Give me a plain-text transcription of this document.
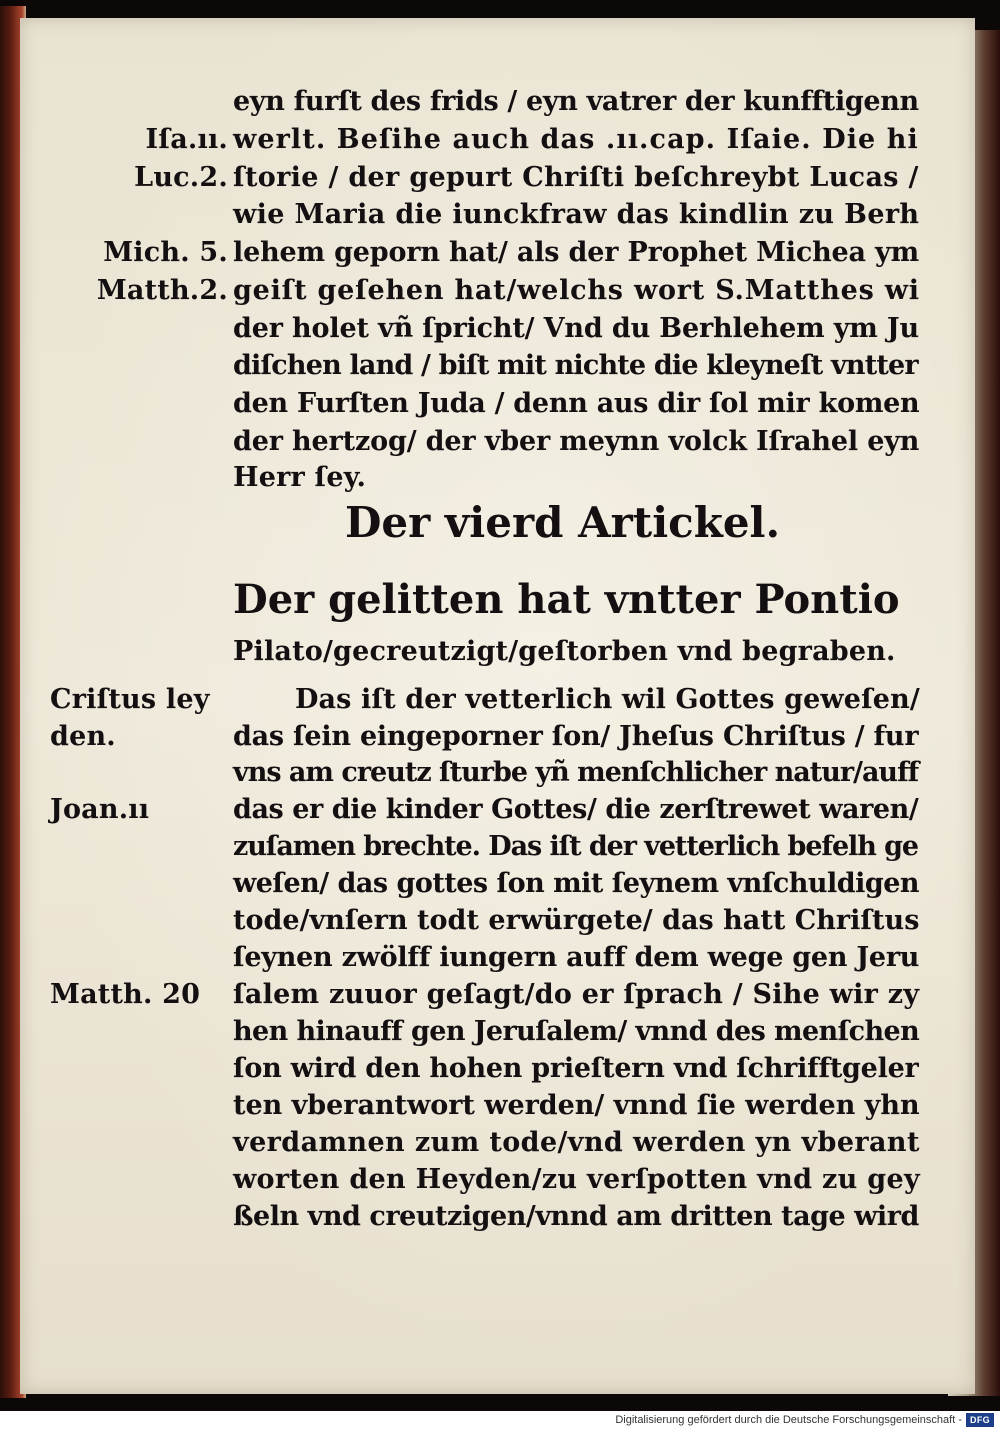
eyn furſt des frids / eyn vatrer der kunfftigenn
werlt. Beſihe auch das .ıı.cap. Iſaie. Die hi
ſtorie / der gepurt Chriſti beſchreybt Lucas /
wie Maria die iunckfraw das kindlin zu Berh
lehem geporn hat/ als der Prophet Michea ym
geiſt geſehen hat/welchs wort S.Matthes wi
der holet vñ ſpricht/ Vnd du Berhlehem ym Ju
diſchen land / biſt mit nichte die kleyneſt vntter
den Furſten Juda / denn aus dir ſol mir komen
der hertzog/ der vber meynn volck Iſrahel eyn
Herr ſey.
Iſa.ıı.
Luc.2.
Mich. 5.
Matth.2.
Der vierd Artickel.
Der gelitten hat vntter Pontio
Pilato/gecreutzigt/geſtorben vnd begraben.
Das iſt der vetterlich wil Gottes geweſen/
das ſein eingeporner ſon/ Jheſus Chriſtus / fur
vns am creutz ſturbe yñ menſchlicher natur/auff
das er die kinder Gottes/ die zerſtrewet waren/
zuſamen brechte. Das iſt der vetterlich befelh ge
weſen/ das gottes ſon mit ſeynem vnſchuldigen
tode/vnſern todt erwürgete/ das hatt Chriſtus
ſeynen zwölff iungern auff dem wege gen Jeru
ſalem zuuor geſagt/do er ſprach / Sihe wir zy
hen hinauff gen Jeruſalem/ vnnd des menſchen
ſon wird den hohen prieſtern vnd ſchrifftgeler
ten vberantwort werden/ vnnd ſie werden yhn
verdamnen zum tode/vnd werden yn vberant
worten den Heyden/zu verſpotten vnd zu gey
ßeln vnd creutzigen/vnnd am dritten tage wird
Criſtus ley
den.
Joan.ıı
Matth. 20
Digitalisierung gefördert durch die Deutsche Forschungsgemeinschaft - DFG
